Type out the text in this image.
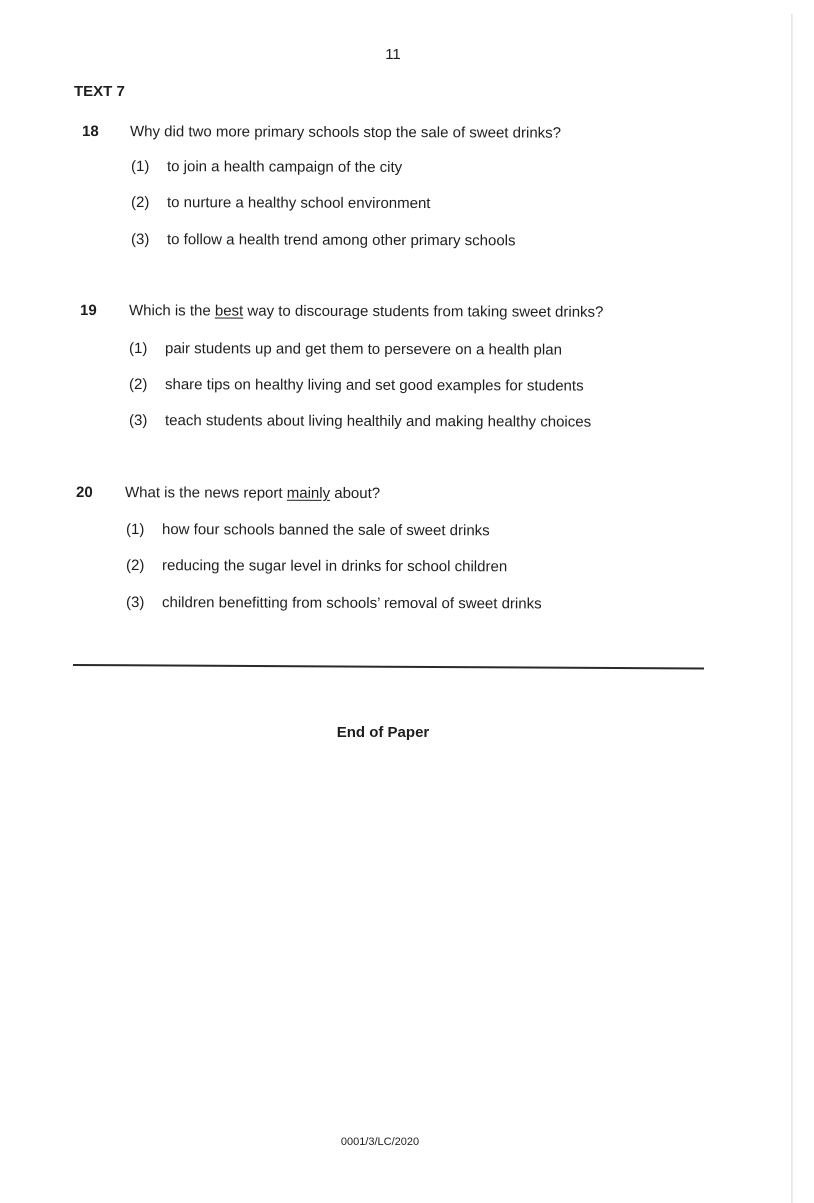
11
TEXT 7
18 Why did two more primary schools stop the sale of sweet drinks?
(1) to join a health campaign of the city
(2) to nurture a healthy school environment
(3) to follow a health trend among other primary schools
19 Which is the best way to discourage students from taking sweet drinks?
(1) pair students up and get them to persevere on a health plan
(2) share tips on healthy living and set good examples for students
(3) teach students about living healthily and making healthy choices
20 What is the news report mainly about?
(1) how four schools banned the sale of sweet drinks
(2) reducing the sugar level in drinks for school children
(3) children benefitting from schools’ removal of sweet drinks
End of Paper
0001/3/LC/2020
